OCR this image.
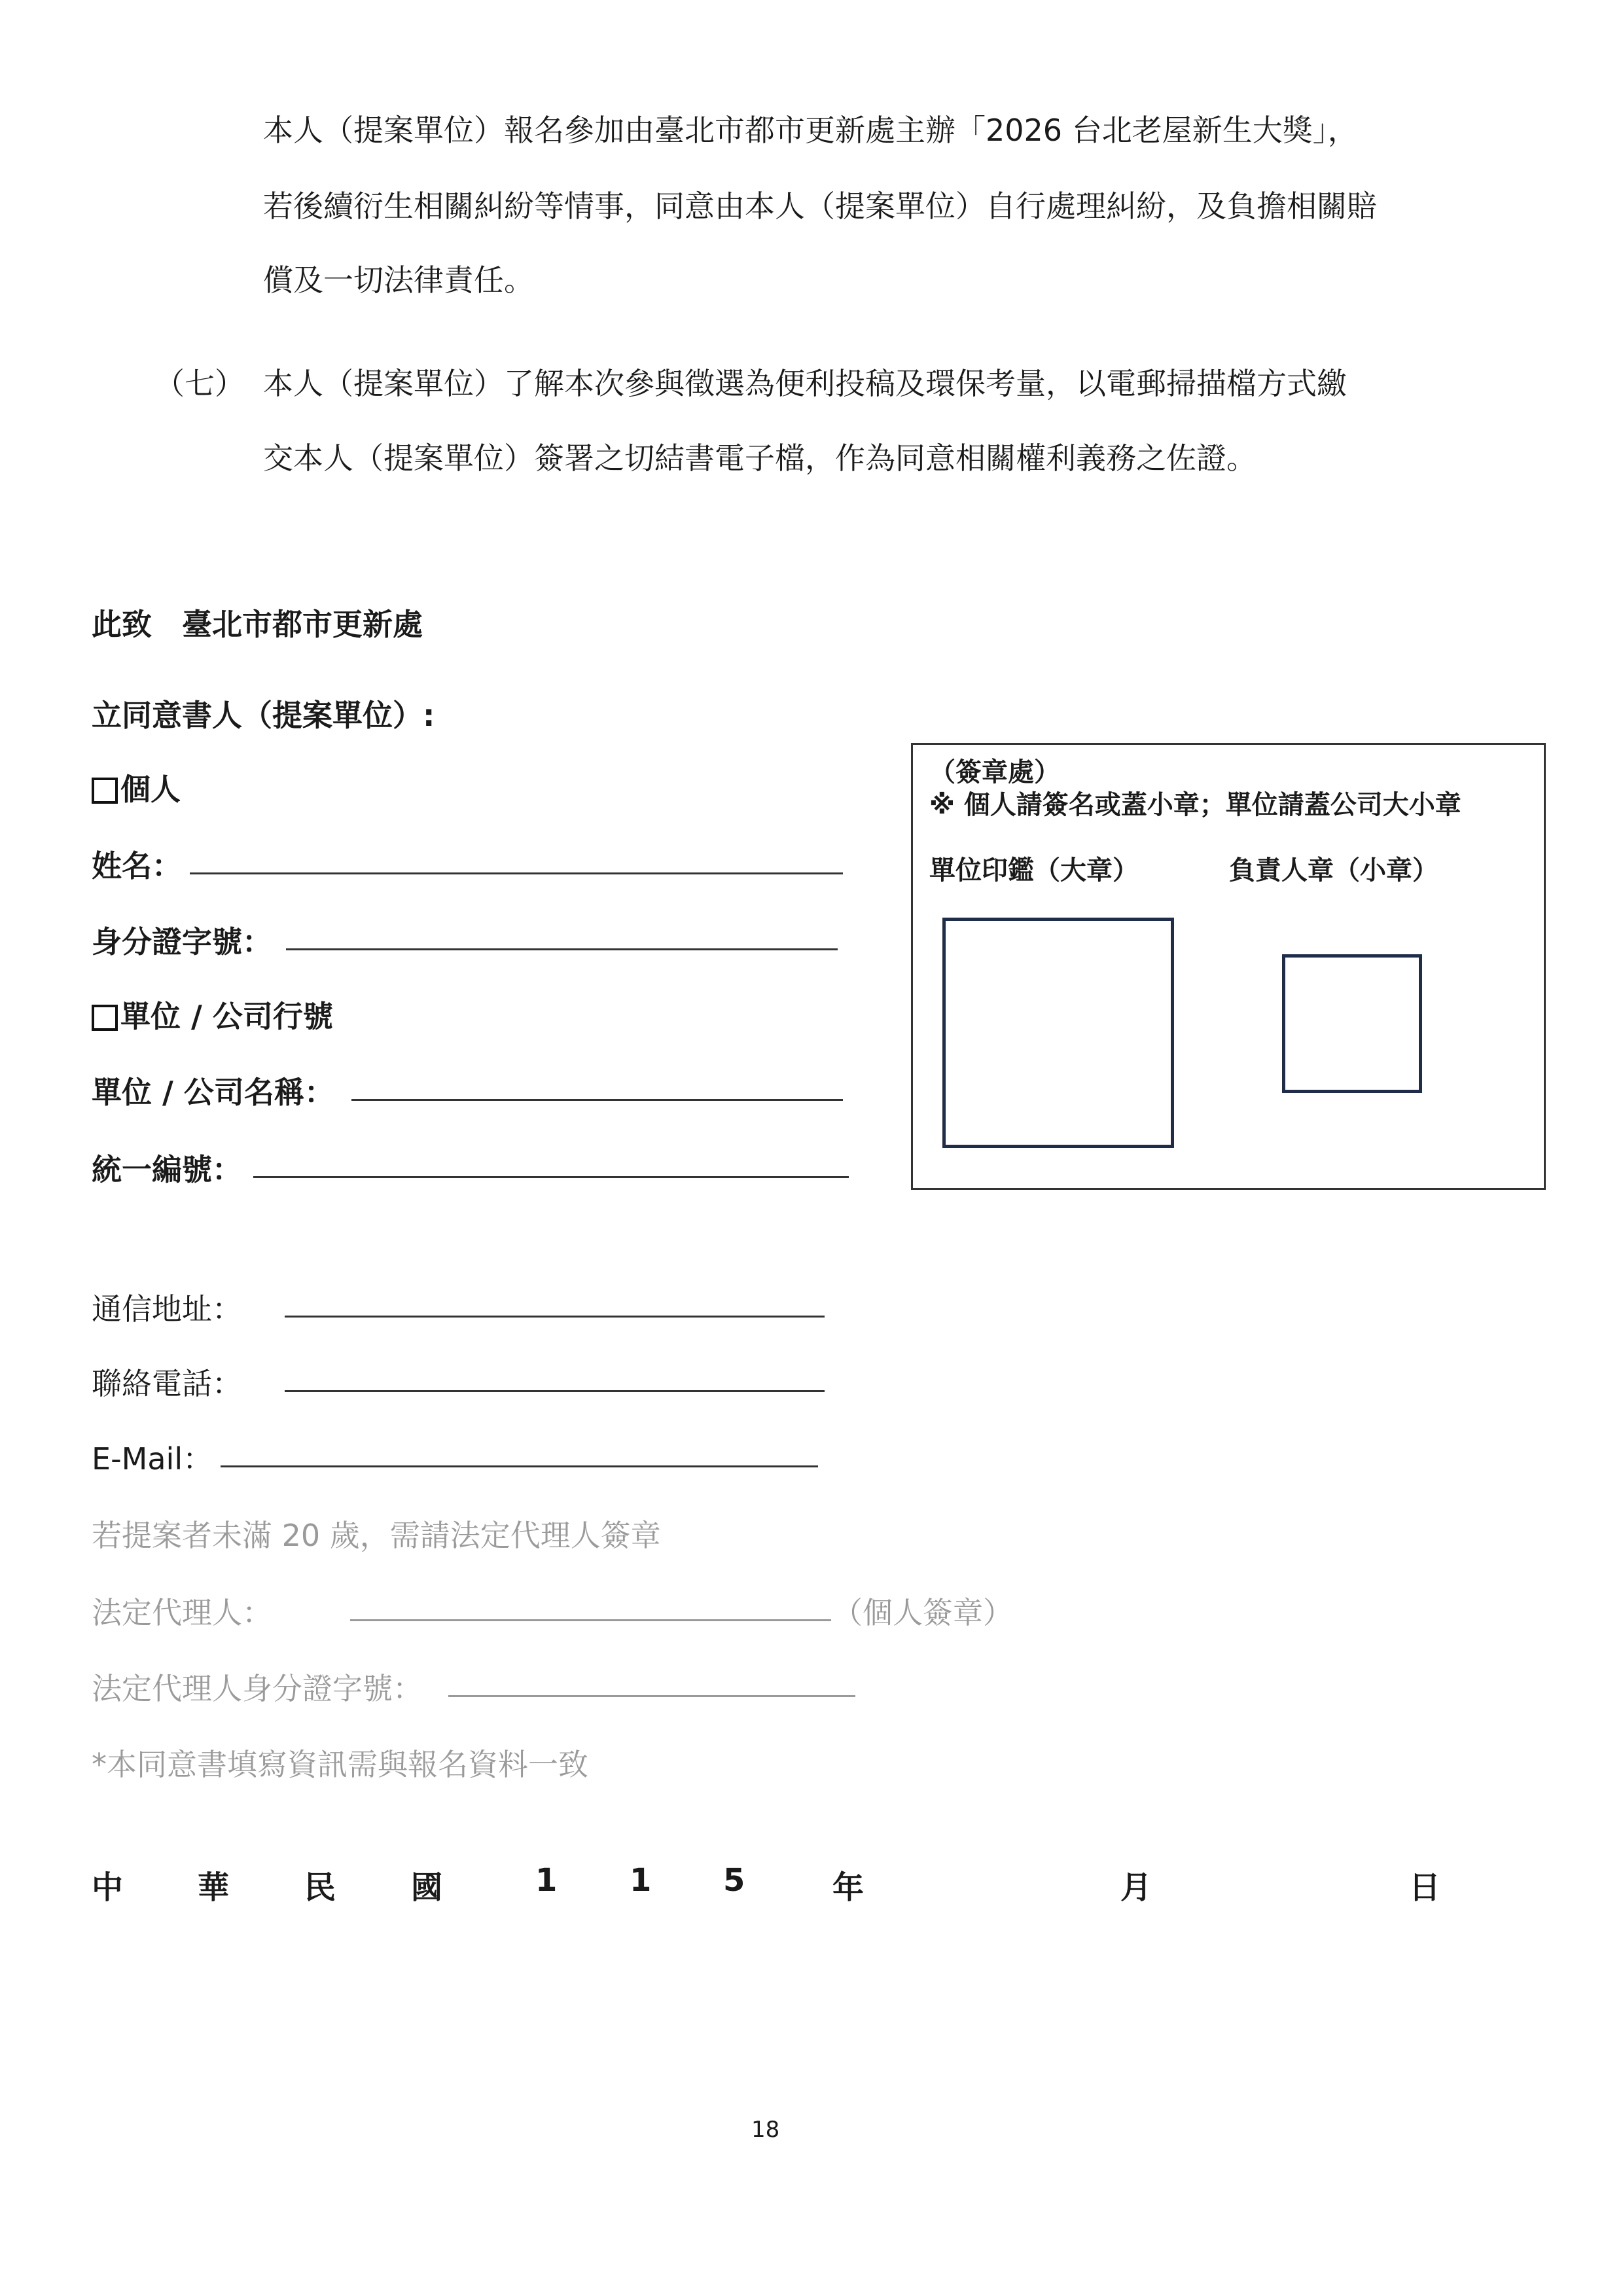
本人（提案單位）報名參加由臺北市都市更新處主辦「2026 台北老屋新生大獎」，
若後續衍生相關糾紛等情事，同意由本人（提案單位）自行處理糾紛，及負擔相關賠
償及一切法律責任。
（七） 本人（提案單位）了解本次參與徵選為便利投稿及環保考量，以電郵掃描檔方式繳
交本人（提案單位）簽署之切結書電子檔，作為同意相關權利義務之佐證。
此致　臺北市都市更新處
立同意書人（提案單位）:
個人
姓名：
身分證字號：
單位 / 公司行號
單位 / 公司名稱：
統一編號：
（簽章處）
※ 個人請簽名或蓋小章；單位請蓋公司大小章
單位印鑑（大章）	負責人章（小章）
通信地址：
聯絡電話：
E-Mail：
若提案者未滿 20 歲，需請法定代理人簽章
法定代理人：	（個人簽章）
法定代理人身分證字號：
*本同意書填寫資訊需與報名資料一致
中 華 民 國	1 1 5	年	月	日
18
